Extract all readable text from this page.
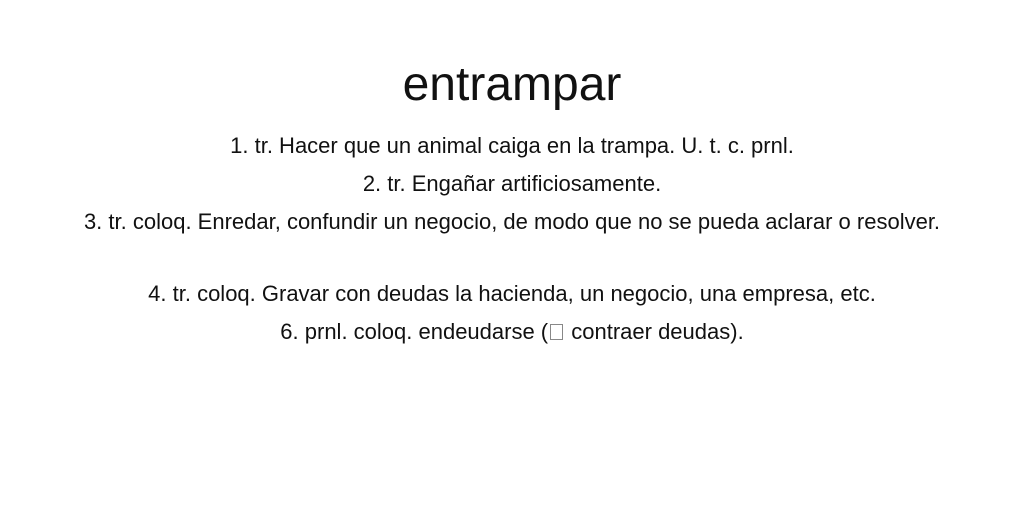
entrampar
1. tr. Hacer que un animal caiga en la trampa. U. t. c. prnl.
2. tr. Engañar artificiosamente.
3. tr. coloq. Enredar, confundir un negocio, de modo que no se pueda aclarar o resolver.
4. tr. coloq. Gravar con deudas la hacienda, un negocio, una empresa, etc.
6. prnl. coloq. endeudarse ( contraer deudas).
